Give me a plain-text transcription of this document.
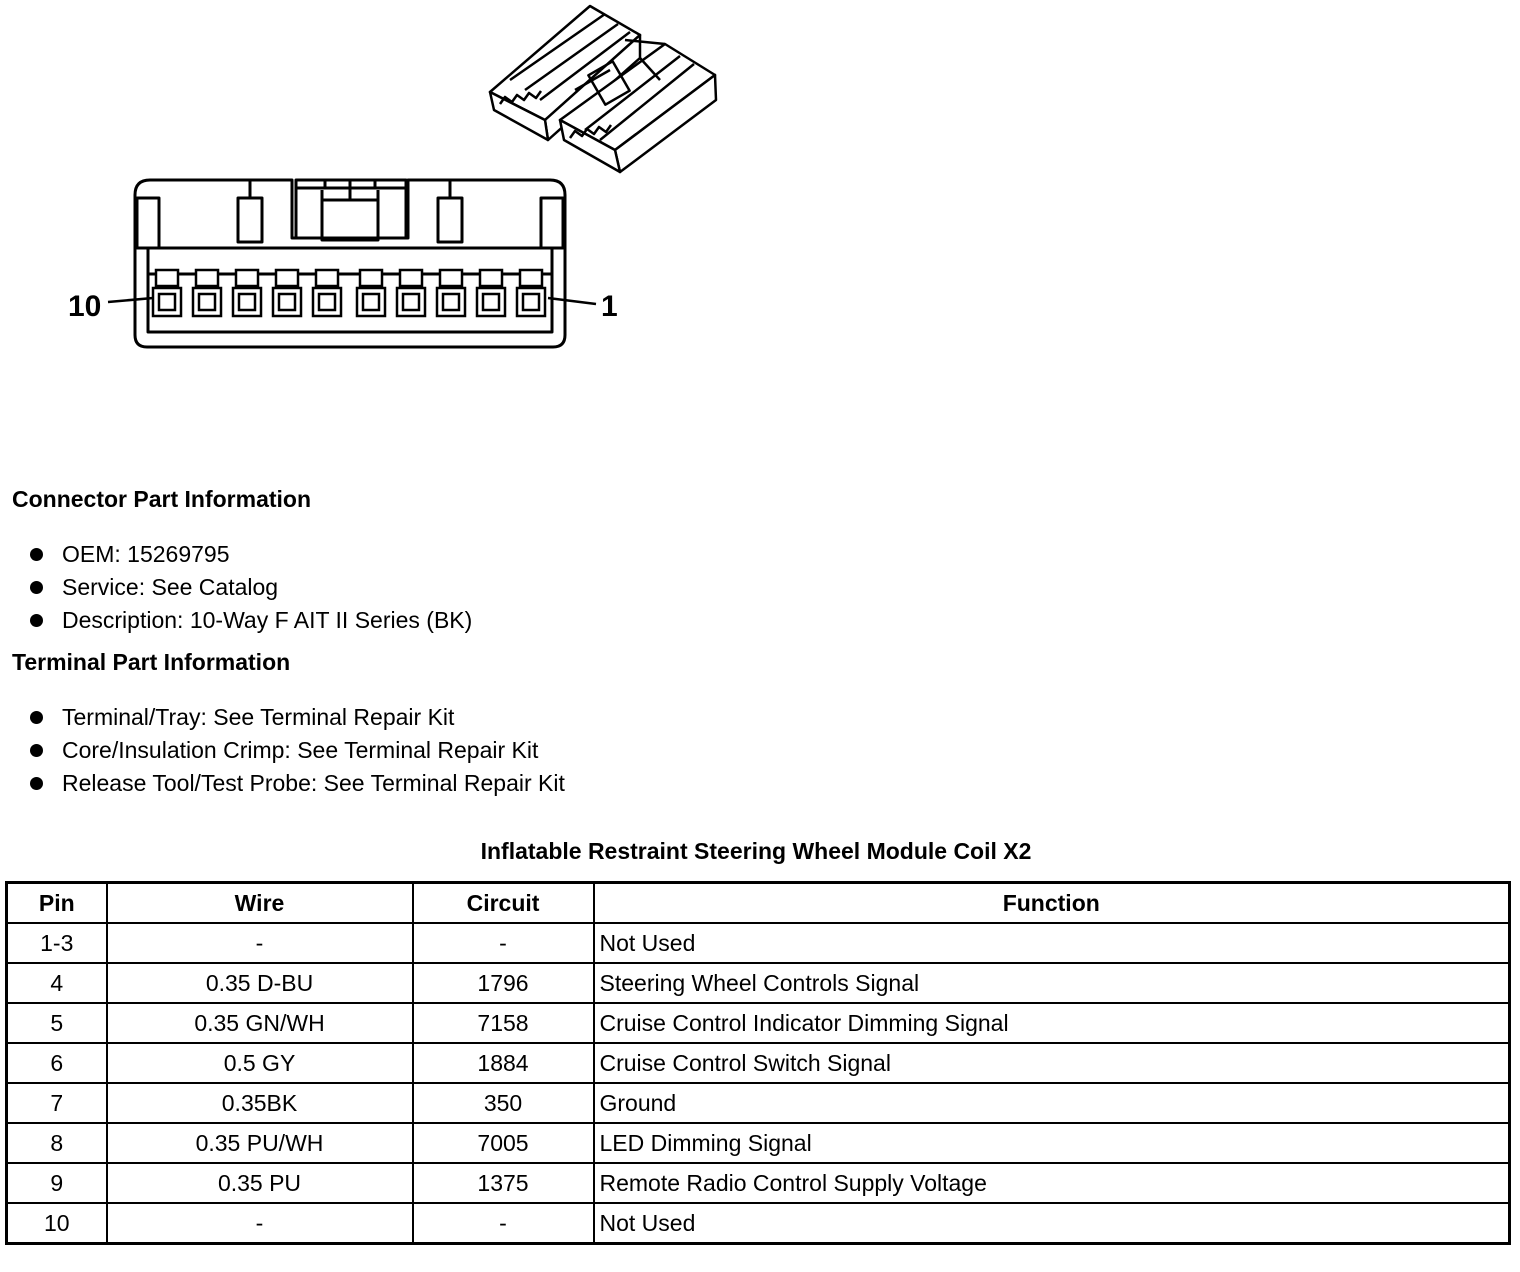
10	1
Connector Part Information
OEM: 15269795
Service: See Catalog
Description: 10-Way F AIT II Series (BK)
Terminal Part Information
Terminal/Tray: See Terminal Repair Kit
Core/Insulation Crimp: See Terminal Repair Kit
Release Tool/Test Probe: See Terminal Repair Kit
Inflatable Restraint Steering Wheel Module Coil X2
Pin	Wire	Circuit	Function
1-3	-	-	Not Used
4	0.35 D-BU	1796	Steering Wheel Controls Signal
5	0.35 GN/WH	7158	Cruise Control Indicator Dimming Signal
6	0.5 GY	1884	Cruise Control Switch Signal
7	0.35BK	350	Ground
8	0.35 PU/WH	7005	LED Dimming Signal
9	0.35 PU	1375	Remote Radio Control Supply Voltage
10	-	-	Not Used
